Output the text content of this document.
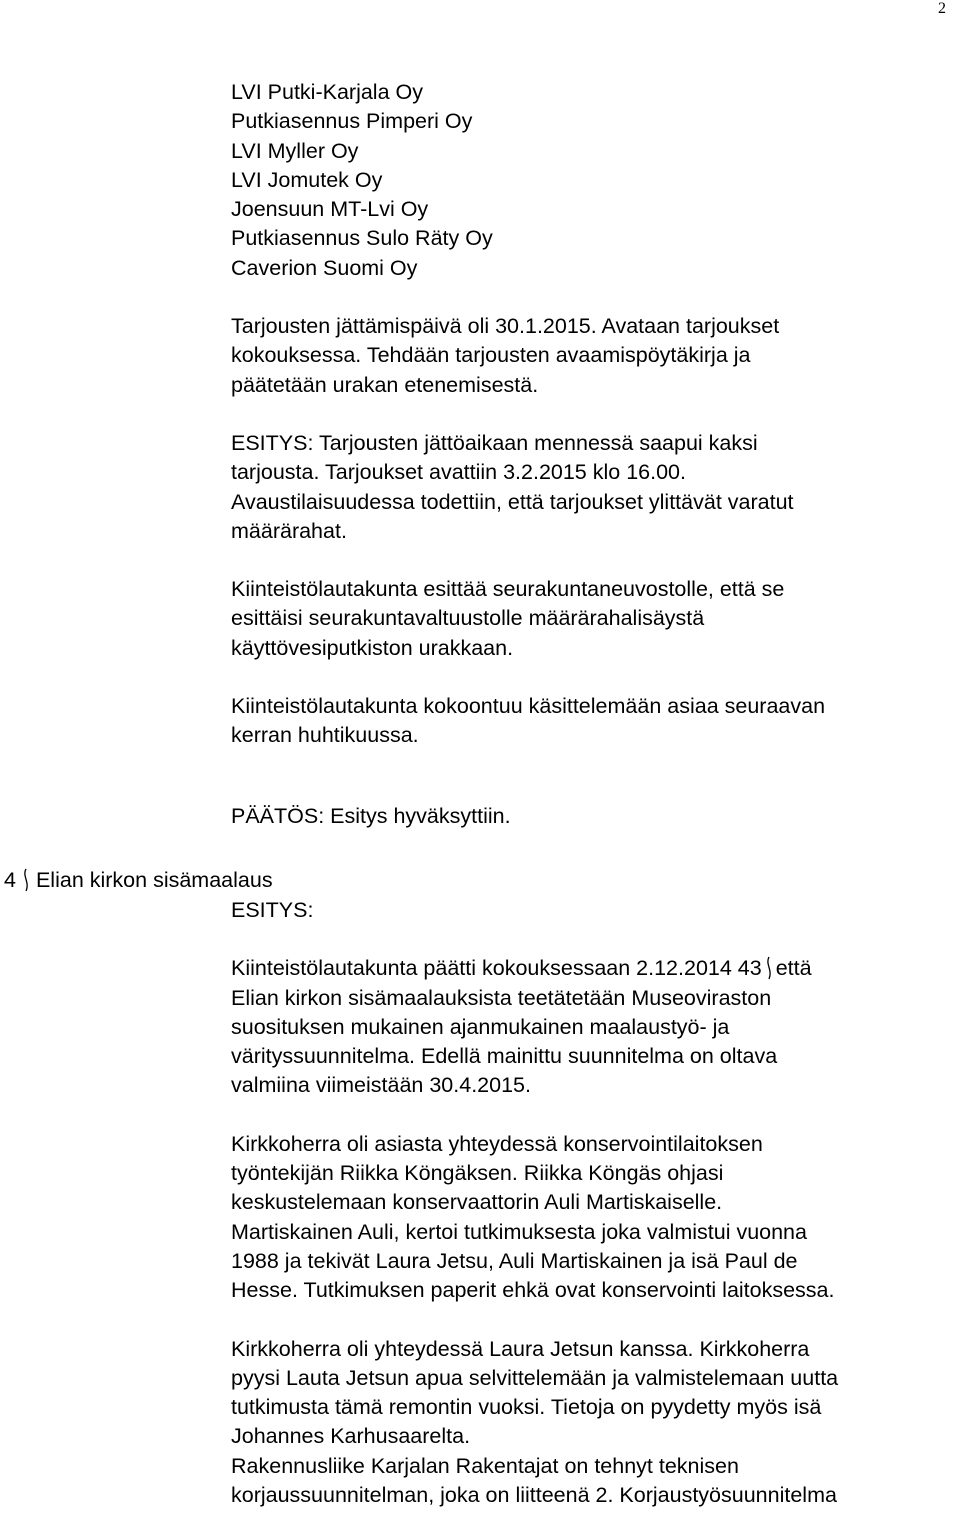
2
LVI Putki-Karjala Oy
Putkiasennus Pimperi Oy
LVI Myller Oy
LVI Jomutek Oy
Joensuun MT-Lvi Oy
Putkiasennus Sulo Räty Oy
Caverion Suomi Oy
Tarjousten jättämispäivä oli 30.1.2015. Avataan tarjoukset
kokouksessa. Tehdään tarjousten avaamispöytäkirja ja
päätetään urakan etenemisestä.
ESITYS: Tarjousten jättöaikaan mennessä saapui kaksi
tarjousta. Tarjoukset avattiin 3.2.2015 klo 16.00.
Avaustilaisuudessa todettiin, että tarjoukset ylittävät varatut
määrärahat.
Kiinteistölautakunta esittää seurakuntaneuvostolle, että se
esittäisi seurakuntavaltuustolle määrärahalisäystä
käyttövesiputkiston urakkaan.
Kiinteistölautakunta kokoontuu käsittelemään asiaa seuraavan
kerran huhtikuussa.
PÄÄTÖS: Esitys hyväksyttiin.
ESITYS:
Kiinteistölautakunta päätti kokouksessaan 2.12.2014 43 että
Elian kirkon sisämaalauksista teetätetään Museoviraston
suosituksen mukainen ajanmukainen maalaustyö- ja
värityssuunnitelma. Edellä mainittu suunnitelma on oltava
valmiina viimeistään 30.4.2015.
Kirkkoherra oli asiasta yhteydessä konservointilaitoksen
työntekijän Riikka Köngäksen. Riikka Köngäs ohjasi
keskustelemaan konservaattorin Auli Martiskaiselle.
Martiskainen Auli, kertoi tutkimuksesta joka valmistui vuonna
1988 ja tekivät Laura Jetsu, Auli Martiskainen ja isä Paul de
Hesse. Tutkimuksen paperit ehkä ovat konservointi laitoksessa.
Kirkkoherra oli yhteydessä Laura Jetsun kanssa. Kirkkoherra
pyysi Lauta Jetsun apua selvittelemään ja valmistelemaan uutta
tutkimusta tämä remontin vuoksi. Tietoja on pyydetty myös isä
Johannes Karhusaarelta.
Rakennusliike Karjalan Rakentajat on tehnyt teknisen
korjaussuunnitelman, joka on liitteenä 2. Korjaustyösuunnitelma
4 Elian kirkon sisämaalaus
